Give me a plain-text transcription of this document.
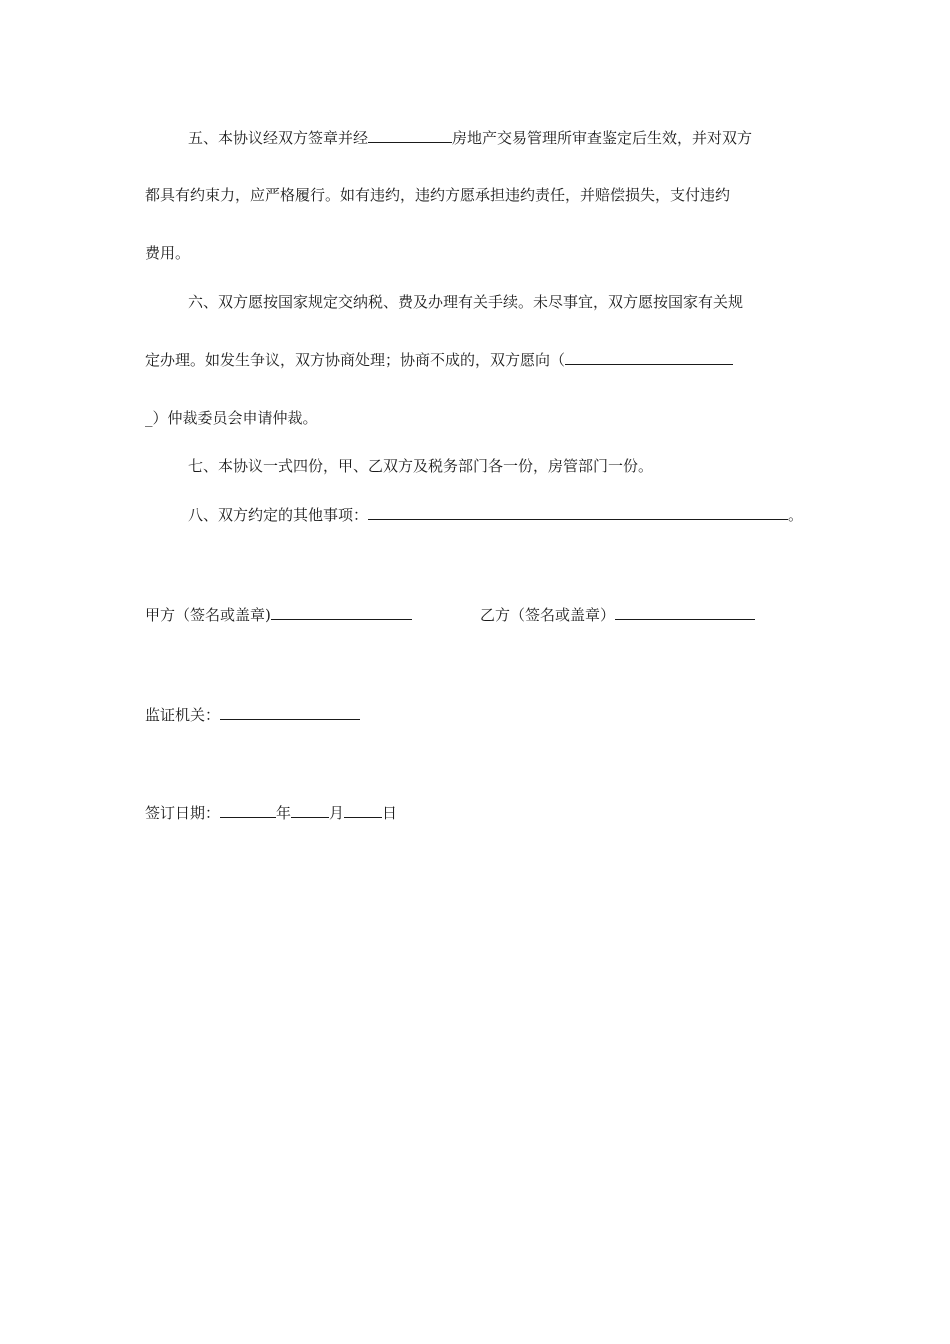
五、本协议经双方签章并经	房地产交易管理所审查鉴定后生效，并对双方
都具有约束力，应严格履行。如有违约，违约方愿承担违约责任，并赔偿损失，支付违约
费用。
六、双方愿按国家规定交纳税、费及办理有关手续。未尽事宜，双方愿按国家有关规
定办理。如发生争议，双方协商处理；协商不成的，双方愿向（
_）仲裁委员会申请仲裁。
七、本协议一式四份，甲、乙双方及税务部门各一份，房管部门一份。
八、双方约定的其他事项：	。
甲方（签名或盖章)	乙方（签名或盖章）
监证机关：
签订日期：	年	月	日
